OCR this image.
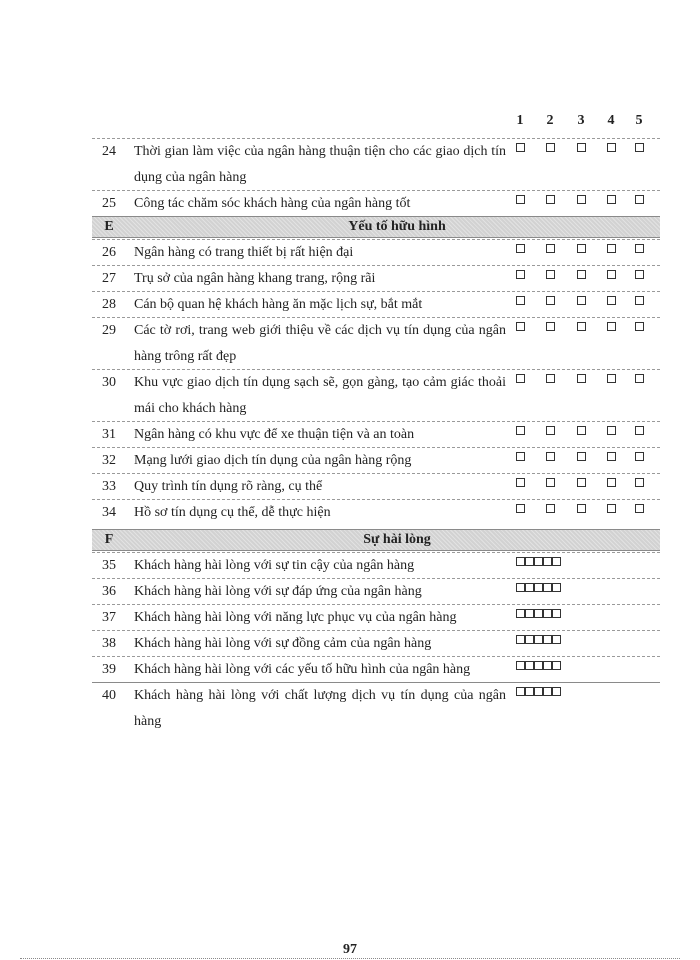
1	2	3	4	5
24	Thời gian làm việc của ngân hàng thuận tiện cho các giao dịch tín dụng của ngân hàng
25	Công tác chăm sóc khách hàng của ngân hàng tốt
E	Yếu tố hữu hình
26	Ngân hàng có trang thiết bị rất hiện đại
27	Trụ sở của ngân hàng khang trang, rộng rãi
28	Cán bộ quan hệ khách hàng ăn mặc lịch sự, bắt mắt
29	Các tờ rơi, trang web giới thiệu về các dịch vụ tín dụng của ngân hàng trông rất đẹp
30	Khu vực giao dịch tín dụng sạch sẽ, gọn gàng, tạo cảm giác thoải mái cho khách hàng
31	Ngân hàng có khu vực để xe thuận tiện và an toàn
32	Mạng lưới giao dịch tín dụng của ngân hàng rộng
33	Quy trình tín dụng rõ ràng, cụ thể
34	Hồ sơ tín dụng cụ thể, dễ thực hiện
F	Sự hài lòng
35	Khách hàng hài lòng với sự tin cậy của ngân hàng
36	Khách hàng hài lòng với sự đáp ứng của ngân hàng
37	Khách hàng hài lòng với năng lực phục vụ của ngân hàng
38	Khách hàng hài lòng với sự đồng cảm của ngân hàng
39	Khách hàng hài lòng với các yếu tố hữu hình của ngân hàng
40	Khách hàng hài lòng với chất lượng dịch vụ tín dụng của ngân hàng
97
